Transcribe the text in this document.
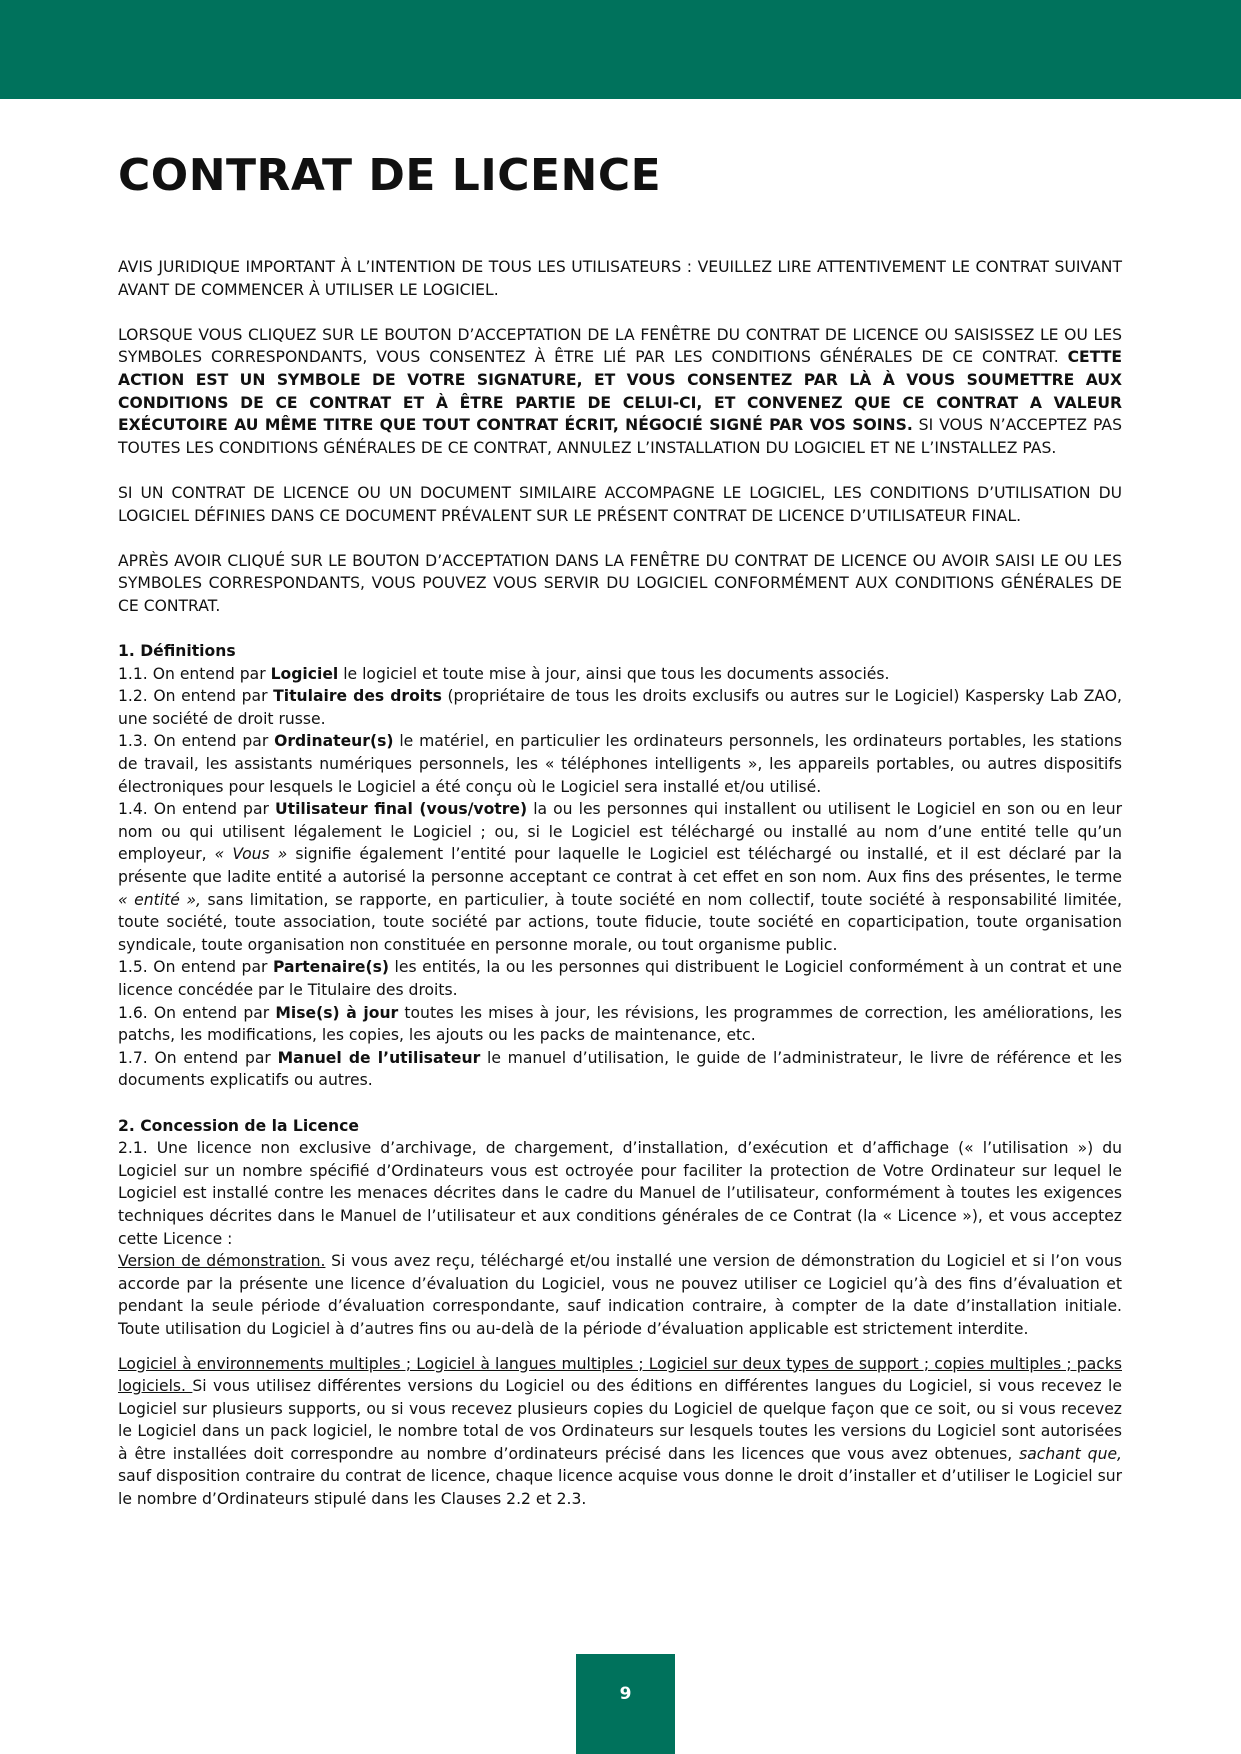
CONTRAT DE LICENCE

AVIS JURIDIQUE IMPORTANT À L’INTENTION DE TOUS LES UTILISATEURS : VEUILLEZ LIRE ATTENTIVEMENT LE CONTRAT SUIVANT AVANT DE COMMENCER À UTILISER LE LOGICIEL.

LORSQUE VOUS CLIQUEZ SUR LE BOUTON D’ACCEPTATION DE LA FENÊTRE DU CONTRAT DE LICENCE OU SAISISSEZ LE OU LES SYMBOLES CORRESPONDANTS, VOUS CONSENTEZ À ÊTRE LIÉ PAR LES CONDITIONS GÉNÉRALES DE CE CONTRAT. CETTE ACTION EST UN SYMBOLE DE VOTRE SIGNATURE, ET VOUS CONSENTEZ PAR LÀ À VOUS SOUMETTRE AUX CONDITIONS DE CE CONTRAT ET À ÊTRE PARTIE DE CELUI-CI, ET CONVENEZ QUE CE CONTRAT A VALEUR EXÉCUTOIRE AU MÊME TITRE QUE TOUT CONTRAT ÉCRIT, NÉGOCIÉ SIGNÉ PAR VOS SOINS. SI VOUS N’ACCEPTEZ PAS TOUTES LES CONDITIONS GÉNÉRALES DE CE CONTRAT, ANNULEZ L’INSTALLATION DU LOGICIEL ET NE L’INSTALLEZ PAS.

SI UN CONTRAT DE LICENCE OU UN DOCUMENT SIMILAIRE ACCOMPAGNE LE LOGICIEL, LES CONDITIONS D’UTILISATION DU LOGICIEL DÉFINIES DANS CE DOCUMENT PRÉVALENT SUR LE PRÉSENT CONTRAT DE LICENCE D’UTILISATEUR FINAL.

APRÈS AVOIR CLIQUÉ SUR LE BOUTON D’ACCEPTATION DANS LA FENÊTRE DU CONTRAT DE LICENCE OU AVOIR SAISI LE OU LES SYMBOLES CORRESPONDANTS, VOUS POUVEZ VOUS SERVIR DU LOGICIEL CONFORMÉMENT AUX CONDITIONS GÉNÉRALES DE CE CONTRAT.

1. Définitions

1.1. On entend par Logiciel le logiciel et toute mise à jour, ainsi que tous les documents associés.

1.2. On entend par Titulaire des droits (propriétaire de tous les droits exclusifs ou autres sur le Logiciel) Kaspersky Lab ZAO, une société de droit russe.

1.3. On entend par Ordinateur(s) le matériel, en particulier les ordinateurs personnels, les ordinateurs portables, les stations de travail, les assistants numériques personnels, les « téléphones intelligents », les appareils portables, ou autres dispositifs électroniques pour lesquels le Logiciel a été conçu où le Logiciel sera installé et/ou utilisé.

1.4. On entend par Utilisateur final (vous/votre) la ou les personnes qui installent ou utilisent le Logiciel en son ou en leur nom ou qui utilisent légalement le Logiciel ; ou, si le Logiciel est téléchargé ou installé au nom d’une entité telle qu’un employeur, « Vous » signifie également l’entité pour laquelle le Logiciel est téléchargé ou installé, et il est déclaré par la présente que ladite entité a autorisé la personne acceptant ce contrat à cet effet en son nom. Aux fins des présentes, le terme « entité », sans limitation, se rapporte, en particulier, à toute société en nom collectif, toute société à responsabilité limitée, toute société, toute association, toute société par actions, toute fiducie, toute société en coparticipation, toute organisation syndicale, toute organisation non constituée en personne morale, ou tout organisme public.

1.5. On entend par Partenaire(s) les entités, la ou les personnes qui distribuent le Logiciel conformément à un contrat et une licence concédée par le Titulaire des droits.

1.6. On entend par Mise(s) à jour toutes les mises à jour, les révisions, les programmes de correction, les améliorations, les patchs, les modifications, les copies, les ajouts ou les packs de maintenance, etc.

1.7. On entend par Manuel de l’utilisateur le manuel d’utilisation, le guide de l’administrateur, le livre de référence et les documents explicatifs ou autres.

2. Concession de la Licence

2.1. Une licence non exclusive d’archivage, de chargement, d’installation, d’exécution et d’affichage (« l’utilisation ») du Logiciel sur un nombre spécifié d’Ordinateurs vous est octroyée pour faciliter la protection de Votre Ordinateur sur lequel le Logiciel est installé contre les menaces décrites dans le cadre du Manuel de l’utilisateur, conformément à toutes les exigences techniques décrites dans le Manuel de l’utilisateur et aux conditions générales de ce Contrat (la « Licence »), et vous acceptez cette Licence :

Version de démonstration. Si vous avez reçu, téléchargé et/ou installé une version de démonstration du Logiciel et si l’on vous accorde par la présente une licence d’évaluation du Logiciel, vous ne pouvez utiliser ce Logiciel qu’à des fins d’évaluation et pendant la seule période d’évaluation correspondante, sauf indication contraire, à compter de la date d’installation initiale. Toute utilisation du Logiciel à d’autres fins ou au-delà de la période d’évaluation applicable est strictement interdite.

Logiciel à environnements multiples ; Logiciel à langues multiples ; Logiciel sur deux types de support ; copies multiples ; packs logiciels. Si vous utilisez différentes versions du Logiciel ou des éditions en différentes langues du Logiciel, si vous recevez le Logiciel sur plusieurs supports, ou si vous recevez plusieurs copies du Logiciel de quelque façon que ce soit, ou si vous recevez le Logiciel dans un pack logiciel, le nombre total de vos Ordinateurs sur lesquels toutes les versions du Logiciel sont autorisées à être installées doit correspondre au nombre d’ordinateurs précisé dans les licences que vous avez obtenues, sachant que, sauf disposition contraire du contrat de licence, chaque licence acquise vous donne le droit d’installer et d’utiliser le Logiciel sur le nombre d’Ordinateurs stipulé dans les Clauses 2.2 et 2.3.

9
